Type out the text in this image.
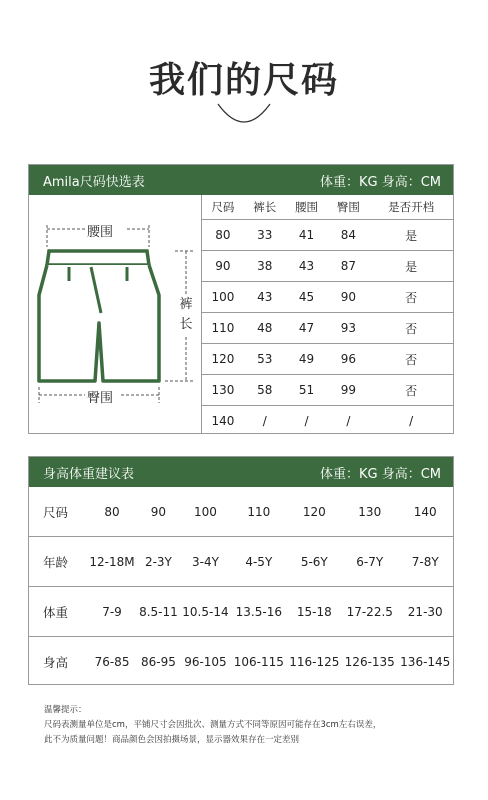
我们的尺码
Amila尺码快选表	体重：KG 身高：CM
腰围
裤长
臀围
尺码	裤长	腰围	臀围	是否开档
80	33	41	84	是
90	38	43	87	是
100	43	45	90	否
110	48	47	93	否
120	53	49	96	否
130	58	51	99	否
140	/	/	/	/
身高体重建议表	体重：KG 身高：CM
尺码	80	90	100	110	120	130	140
年龄	12-18M	2-3Y	3-4Y	4-5Y	5-6Y	6-7Y	7-8Y
体重	7-9	8.5-11	10.5-14	13.5-16	15-18	17-22.5	21-30
身高	76-85	86-95	96-105	106-115	116-125	126-135	136-145
温馨提示：
尺码表测量单位是cm，平铺尺寸会因批次、测量方式不同等原因可能存在3cm左右误差，
此不为质量问题！商品颜色会因拍摄场景，显示器效果存在一定差别
